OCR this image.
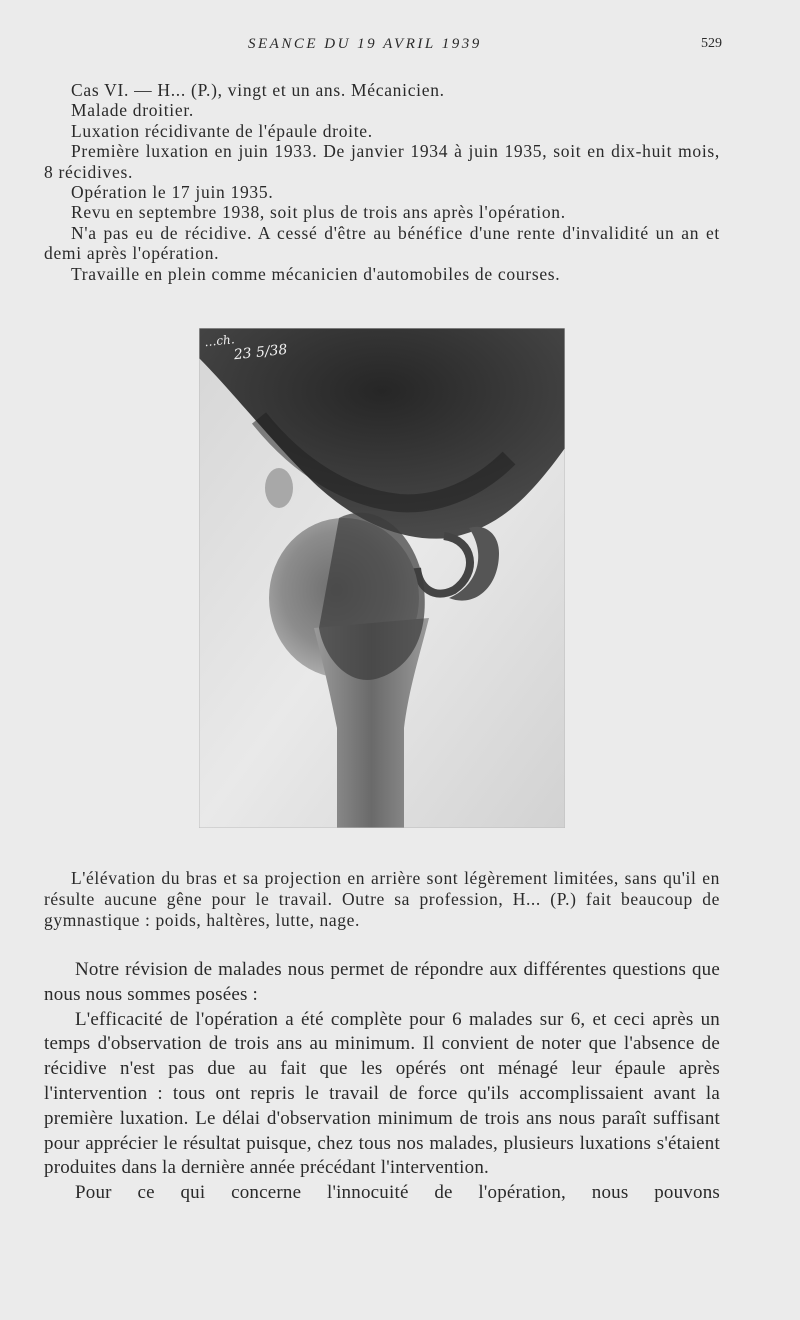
SEANCE DU 19 AVRIL 1939	529

Cas VI. — H... (P.), vingt et un ans. Mécanicien.

Malade droitier.

Luxation récidivante de l'épaule droite.

Première luxation en juin 1933. De janvier 1934 à juin 1935, soit en dix-huit mois, 8 récidives.

Opération le 17 juin 1935.

Revu en septembre 1938, soit plus de trois ans après l'opération.

N'a pas eu de récidive. A cessé d'être au bénéfice d'une rente d'invalidité un an et demi après l'opération.

Travaille en plein comme mécanicien d'automobiles de courses.

…ch.
23 5/38

L'élévation du bras et sa projection en arrière sont légèrement limitées, sans qu'il en résulte aucune gêne pour le travail. Outre sa profession, H... (P.) fait beaucoup de gymnastique : poids, haltères, lutte, nage.

Notre révision de malades nous permet de répondre aux différentes questions que nous nous sommes posées :

L'efficacité de l'opération a été complète pour 6 malades sur 6, et ceci après un temps d'observation de trois ans au minimum. Il convient de noter que l'absence de récidive n'est pas due au fait que les opérés ont ménagé leur épaule après l'intervention : tous ont repris le travail de force qu'ils accomplissaient avant la première luxation. Le délai d'observation minimum de trois ans nous paraît suffisant pour apprécier le résultat puisque, chez tous nos malades, plusieurs luxations s'étaient produites dans la dernière année précédant l'intervention.

Pour ce qui concerne l'innocuité de l'opération, nous pouvons
